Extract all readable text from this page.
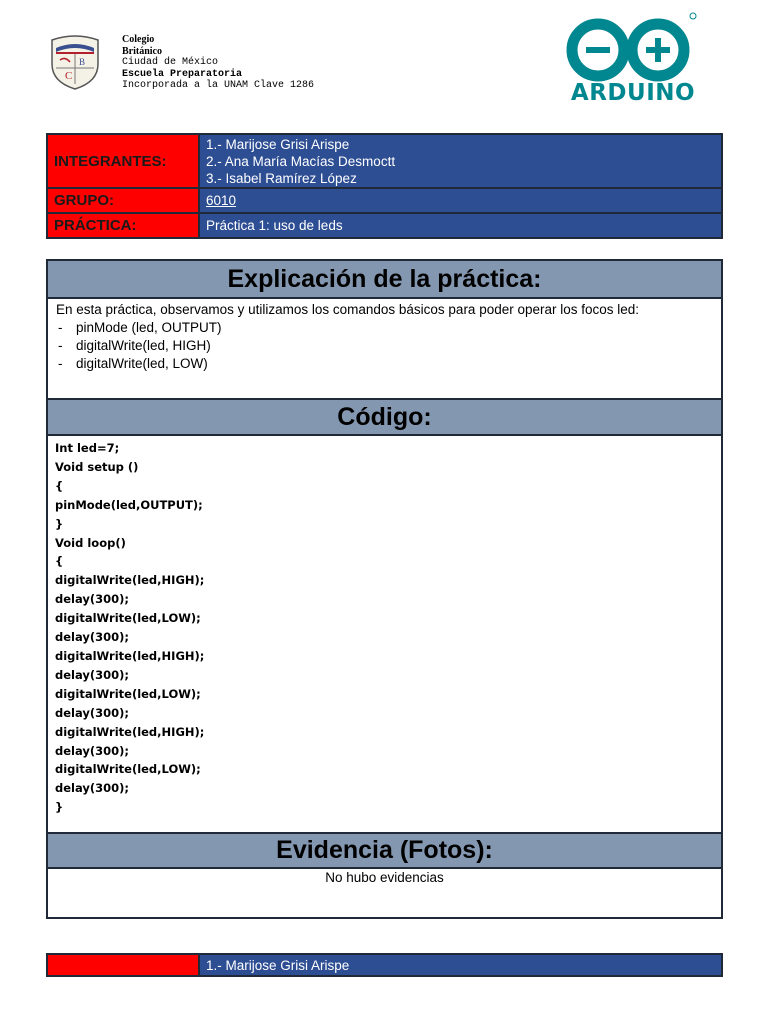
C
B
Colegio
Británico
Ciudad de México
Escuela Preparatoria
Incorporada a la UNAM Clave 1286	ARDUINO
INTEGRANTES:	1.- Marijose Grisi Arispe
2.- Ana María Macías Desmoctt
3.- Isabel Ramírez López

GRUPO:	6010
PRÁCTICA:	Práctica 1: uso de leds
Explicación de la práctica:
En esta práctica, observamos y utilizamos los comandos básicos para poder operar los focos led:
- pinMode (led, OUTPUT)
- digitalWrite(led, HIGH)
- digitalWrite(led, LOW)
Código:
Int led=7;
Void setup ()
{
pinMode(led,OUTPUT);
}
Void loop()
{
digitalWrite(led,HIGH);
delay(300);
digitalWrite(led,LOW);
delay(300);
digitalWrite(led,HIGH);
delay(300);
digitalWrite(led,LOW);
delay(300);
digitalWrite(led,HIGH);
delay(300);
digitalWrite(led,LOW);
delay(300);
}
Evidencia (Fotos):
No hubo evidencias
	1.- Marijose Grisi Arispe
